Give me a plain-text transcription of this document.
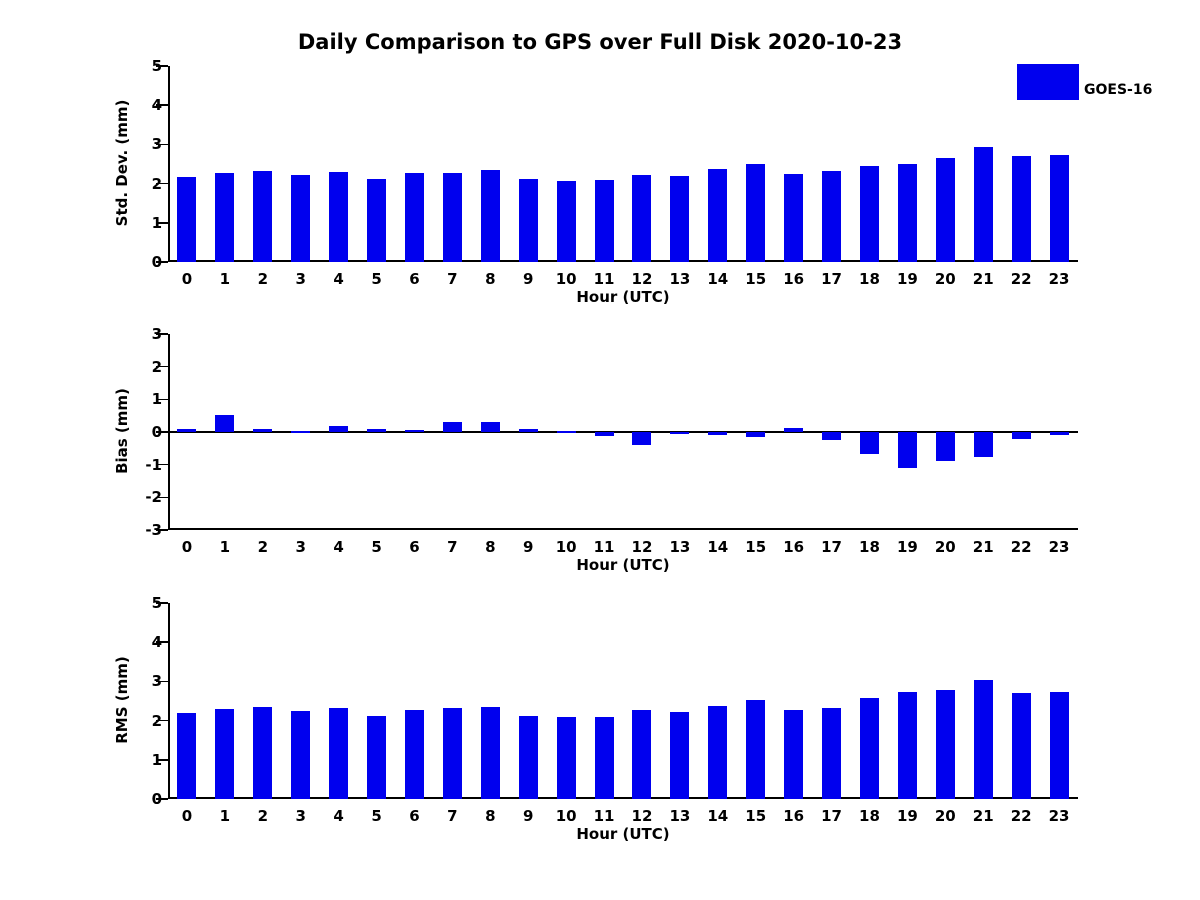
Daily Comparison to GPS over Full Disk 2020-10-23
0
1
2
3
4
5
0 1 2 3 4 5 6 7 8 9 10 11 12 13 14 15 16 17 18 19 20 21 22 23
Std. Dev. (mm)
Hour (UTC)
GOES-16
-3
-2
-1
0
1
2
3
0 1 2 3 4 5 6 7 8 9 10 11 12 13 14 15 16 17 18 19 20 21 22 23
Bias (mm)
Hour (UTC)
0
1
2
3
4
5
0 1 2 3 4 5 6 7 8 9 10 11 12 13 14 15 16 17 18 19 20 21 22 23
RMS (mm)
Hour (UTC)
